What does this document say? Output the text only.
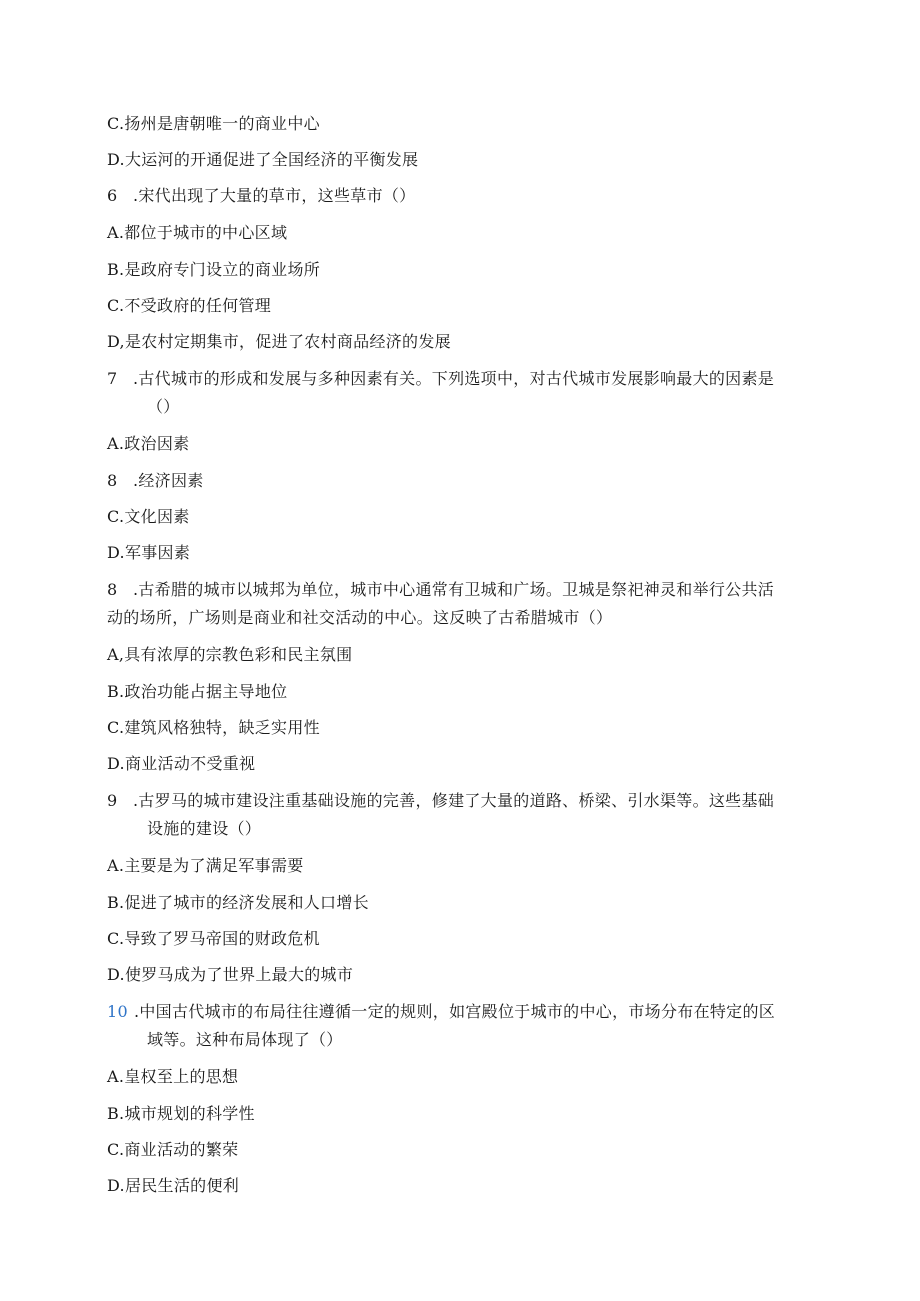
C.扬州是唐朝唯一的商业中心
D.大运河的开通促进了全国经济的平衡发展
6 .宋代出现了大量的草市，这些草市（）
A.都位于城市的中心区域
B.是政府专门设立的商业场所
C.不受政府的任何管理
D,是农村定期集市，促进了农村商品经济的发展
7 .古代城市的形成和发展与多种因素有关。下列选项中，对古代城市发展影响最大的因素是
（）
A.政治因素
8 .经济因素
C.文化因素
D.军事因素
8 .古希腊的城市以城邦为单位，城市中心通常有卫城和广场。卫城是祭祀神灵和举行公共活
动的场所，广场则是商业和社交活动的中心。这反映了古希腊城市（）
A,具有浓厚的宗教色彩和民主氛围
B.政治功能占据主导地位
C.建筑风格独特，缺乏实用性
D.商业活动不受重视
9 .古罗马的城市建设注重基础设施的完善，修建了大量的道路、桥梁、引水渠等。这些基础
设施的建设（）
A.主要是为了满足军事需要
B.促进了城市的经济发展和人口增长
C.导致了罗马帝国的财政危机
D.使罗马成为了世界上最大的城市
10 .中国古代城市的布局往往遵循一定的规则，如宫殿位于城市的中心，市场分布在特定的区
域等。这种布局体现了（）
A.皇权至上的思想
B.城市规划的科学性
C.商业活动的繁荣
D.居民生活的便利
